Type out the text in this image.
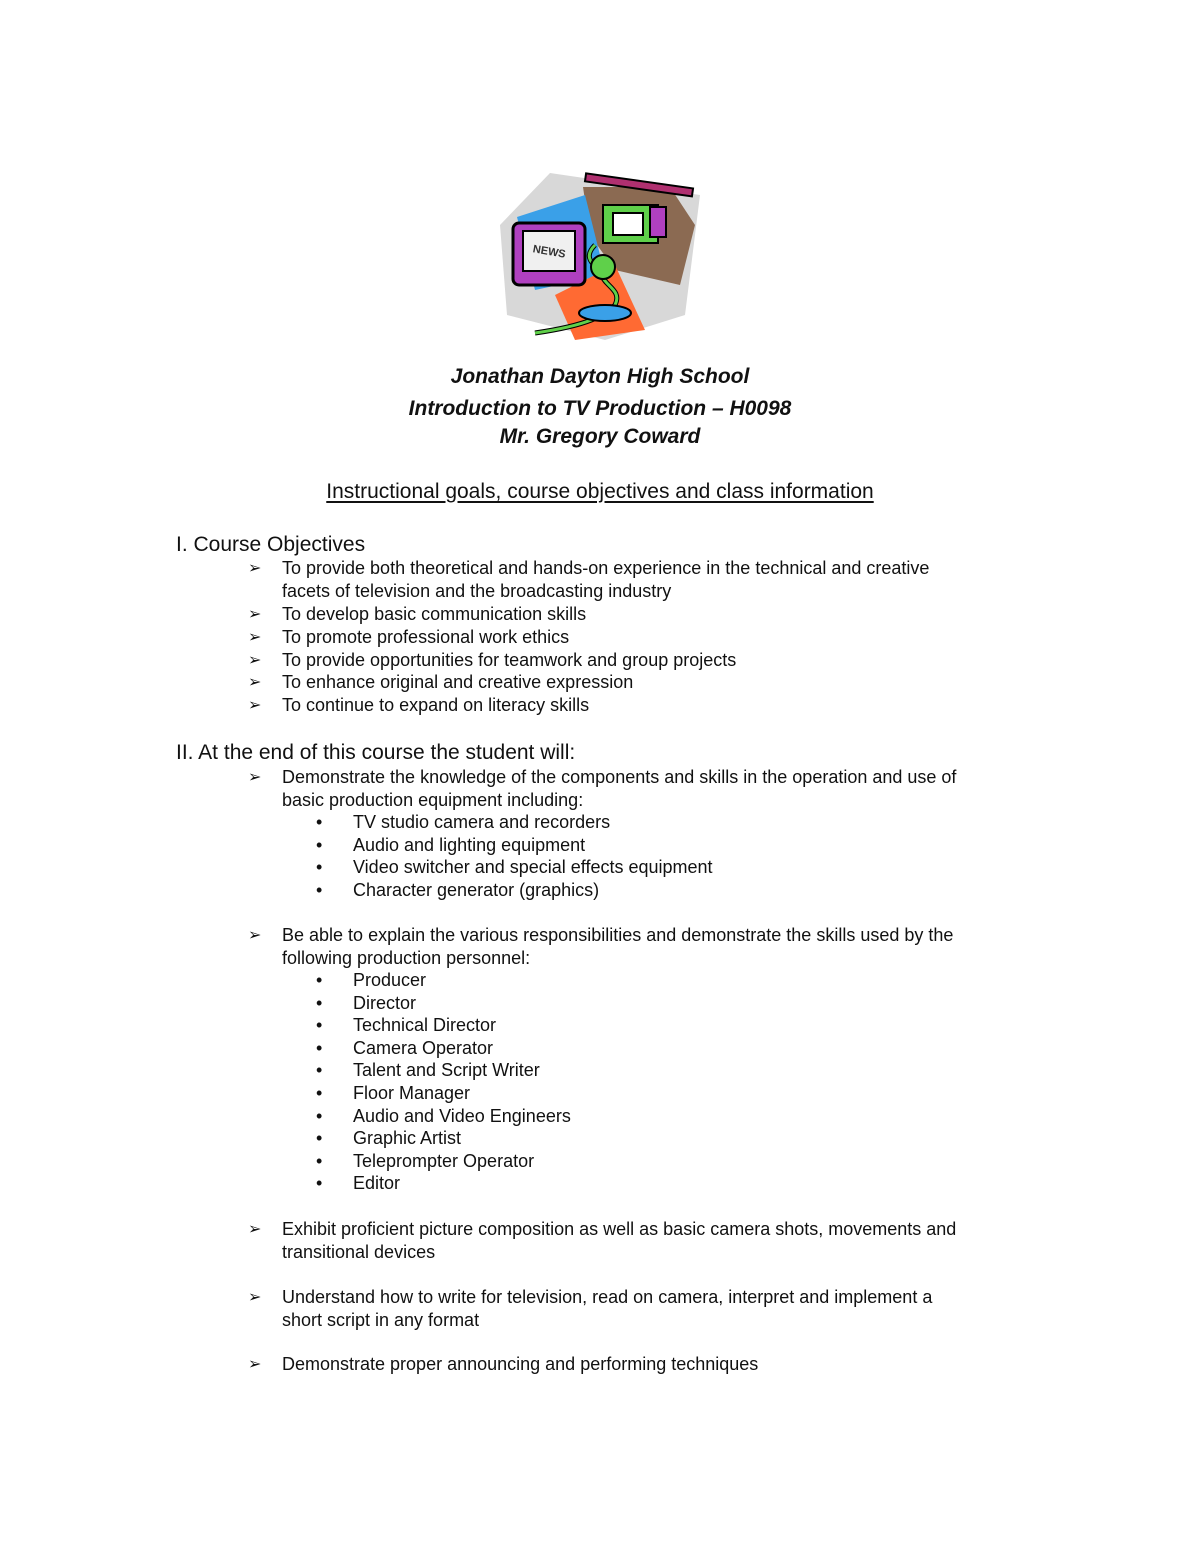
NEWS
Jonathan Dayton High School
Introduction to TV Production – H0098
Mr. Gregory Coward
Instructional goals, course objectives and class information
I. Course Objectives
➢ To provide both theoretical and hands-on experience in the technical and creative
facets of television and the broadcasting industry
➢ To develop basic communication skills
➢ To promote professional work ethics
➢ To provide opportunities for teamwork and group projects
➢ To enhance original and creative expression
➢ To continue to expand on literacy skills
II. At the end of this course the student will:
➢ Demonstrate the knowledge of the components and skills in the operation and use of
basic production equipment including:
• TV studio camera and recorders
• Audio and lighting equipment
• Video switcher and special effects equipment
• Character generator (graphics)
➢ Be able to explain the various responsibilities and demonstrate the skills used by the
following production personnel:
• Producer
• Director
• Technical Director
• Camera Operator
• Talent and Script Writer
• Floor Manager
• Audio and Video Engineers
• Graphic Artist
• Teleprompter Operator
• Editor
➢ Exhibit proficient picture composition as well as basic camera shots, movements and
transitional devices
➢ Understand how to write for television, read on camera, interpret and implement a
short script in any format
➢ Demonstrate proper announcing and performing techniques
